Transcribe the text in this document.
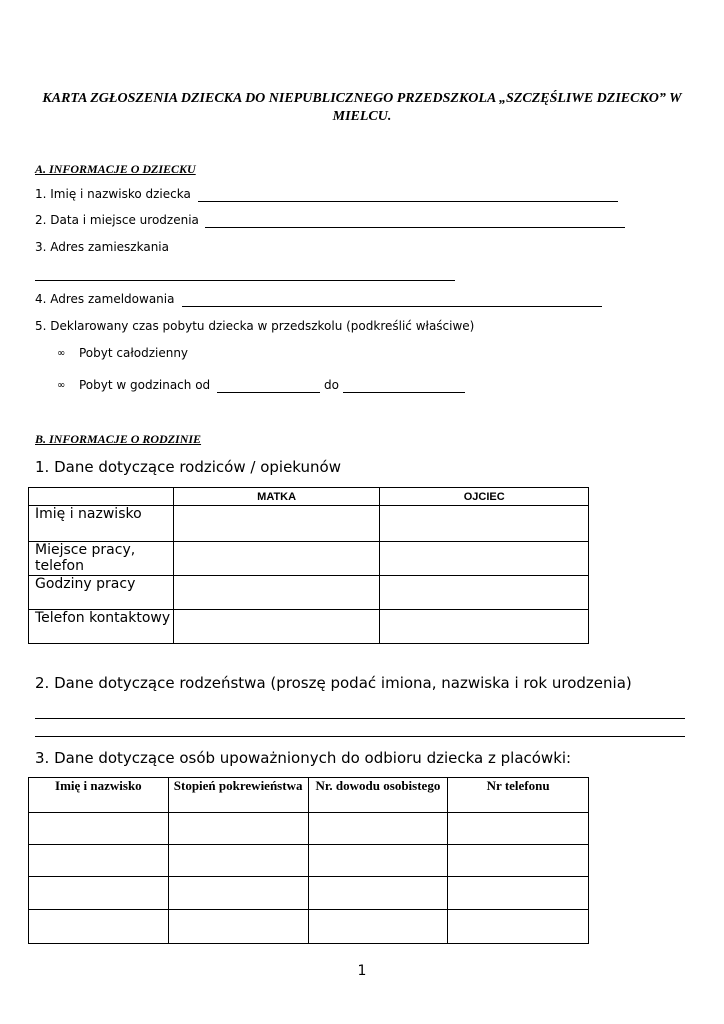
KARTA ZGŁOSZENIA DZIECKA DO NIEPUBLICZNEGO PRZEDSZKOLA „SZCZĘŚLIWE DZIECKO” W MIELCU.
A. INFORMACJE O DZIECKU
1. Imię i nazwisko dziecka
2. Data i miejsce urodzenia
3. Adres zamieszkania
4. Adres zameldowania
5. Deklarowany czas pobytu dziecka w przedszkolu (podkreślić właściwe)
∞ Pobyt całodzienny
∞ Pobyt w godzinach od	do
B. INFORMACJE O RODZINIE
1. Dane dotyczące rodziców / opiekunów
	MATKA	OJCIEC
Imię i nazwisko		
Miejsce pracy, telefon		
Godziny pracy		
Telefon kontaktowy		
2. Dane dotyczące rodzeństwa (proszę podać imiona, nazwiska i rok urodzenia)
3. Dane dotyczące osób upoważnionych do odbioru dziecka z placówki:
Imię i nazwisko	Stopień pokrewieństwa	Nr. dowodu osobistego	Nr telefonu

1
